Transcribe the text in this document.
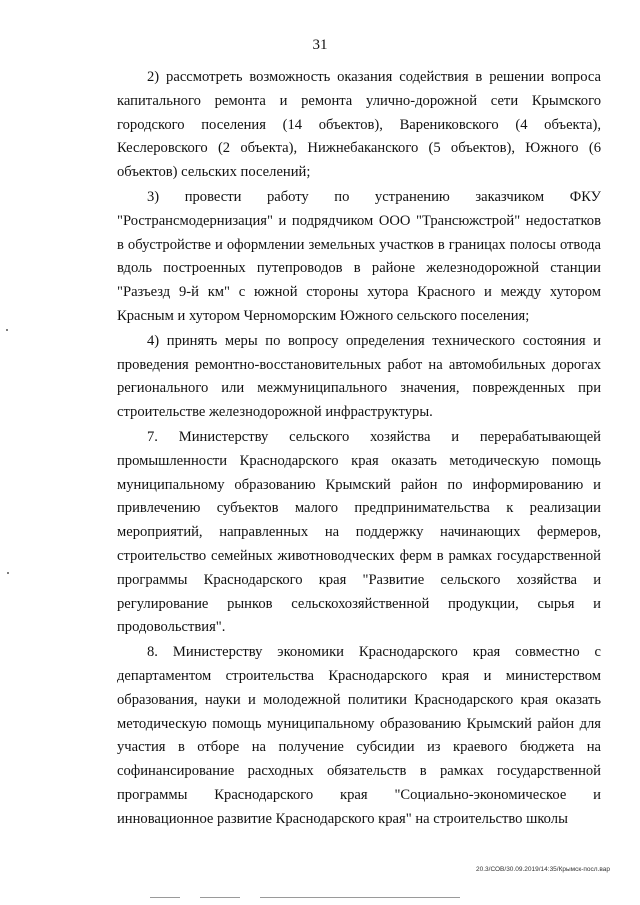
31

2) рассмотреть возможность оказания содействия в решении вопроса капитального ремонта и ремонта улично-дорожной сети Крымского городского поселения (14 объектов), Варениковского (4 объекта), Кеслеровского (2 объекта), Нижнебаканского (5 объектов), Южного (6 объектов) сельских поселений;

3) провести работу по устранению заказчиком ФКУ "Ространсмодернизация" и подрядчиком ООО "Трансюжстрой" недостатков в обустройстве и оформлении земельных участков в границах полосы отвода вдоль построенных путепроводов в районе железнодорожной станции "Разъезд 9-й км" с южной стороны хутора Красного и между хутором Красным и хутором Черноморским Южного сельского поселения;

4) принять меры по вопросу определения технического состояния и проведения ремонтно-восстановительных работ на автомобильных дорогах регионального или межмуниципального значения, поврежденных при строительстве железнодорожной инфраструктуры.

7. Министерству сельского хозяйства и перерабатывающей промышленности Краснодарского края оказать методическую помощь муниципальному образованию Крымский район по информированию и привлечению субъектов малого предпринимательства к реализации мероприятий, направленных на поддержку начинающих фермеров, строительство семейных животноводческих ферм в рамках государственной программы Краснодарского края "Развитие сельского хозяйства и регулирование рынков сельскохозяйственной продукции, сырья и продовольствия".

8. Министерству экономики Краснодарского края совместно с департаментом строительства Краснодарского края и министерством образования, науки и молодежной политики Краснодарского края оказать методическую помощь муниципальному образованию Крымский район для участия в отборе на получение субсидии из краевого бюджета на софинансирование расходных обязательств в рамках государственной программы Краснодарского края "Социально-экономическое и инновационное развитие Краснодарского края" на строительство школы

20.3/СОВ/30.09.2019/14:35/Крымск-посл.вар
